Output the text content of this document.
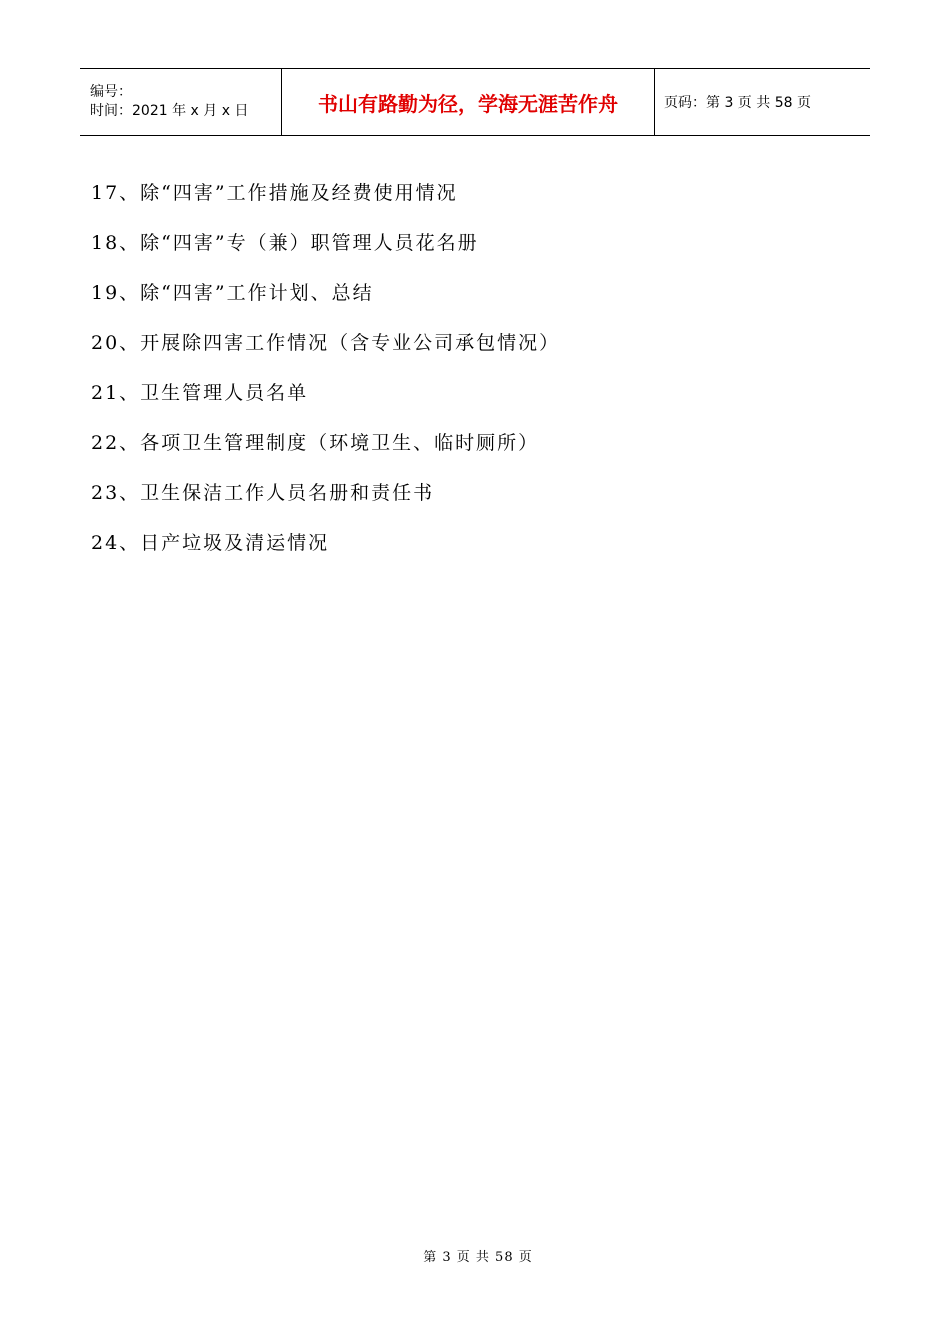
编号：
时间：2021 年 x 月 x 日	书山有路勤为径，学海无涯苦作舟	页码：第 3 页 共 58 页
17、除“四害”工作措施及经费使用情况
18、除“四害”专（兼）职管理人员花名册
19、除“四害”工作计划、总结
20、开展除四害工作情况（含专业公司承包情况）
21、卫生管理人员名单
22、各项卫生管理制度（环境卫生、临时厕所）
23、卫生保洁工作人员名册和责任书
24、日产垃圾及清运情况
第 3 页 共 58 页
